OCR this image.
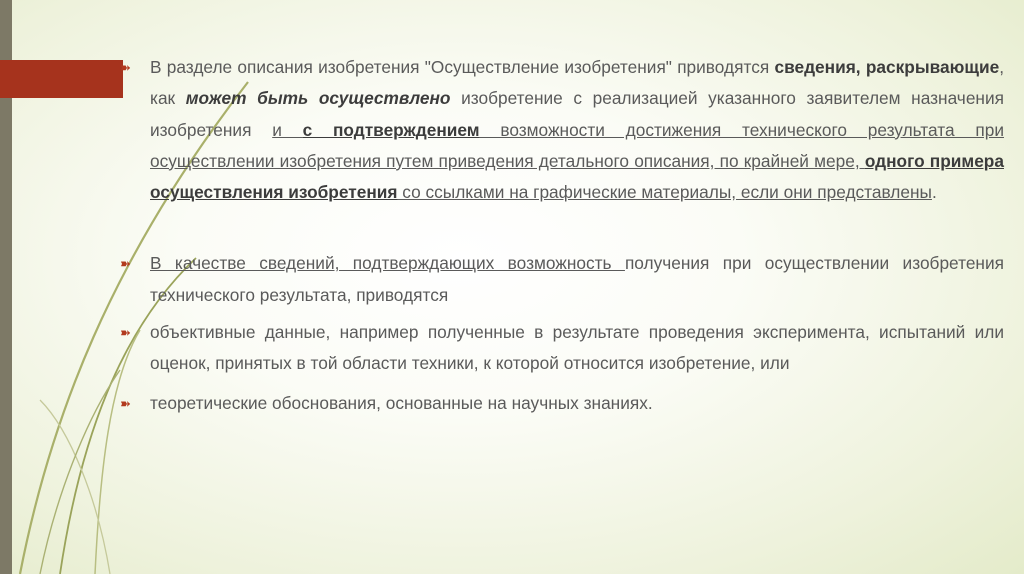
➽ В разделе описания изобретения "Осуществление изобретения" приводятся сведения, раскрывающие, как может быть осуществлено изобретение с реализацией указанного заявителем назначения изобретения и с подтверждением возможности достижения технического результата при осуществлении изобретения путем приведения детального описания, по крайней мере, одного примера осуществления изобретения со ссылками на графические материалы, если они представлены.

➽ В качестве сведений, подтверждающих возможность получения при осуществлении изобретения технического результата, приводятся

➽ объективные данные, например полученные в результате проведения эксперимента, испытаний или оценок, принятых в той области техники, к которой относится изобретение, или

➽ теоретические обоснования, основанные на научных знаниях.
